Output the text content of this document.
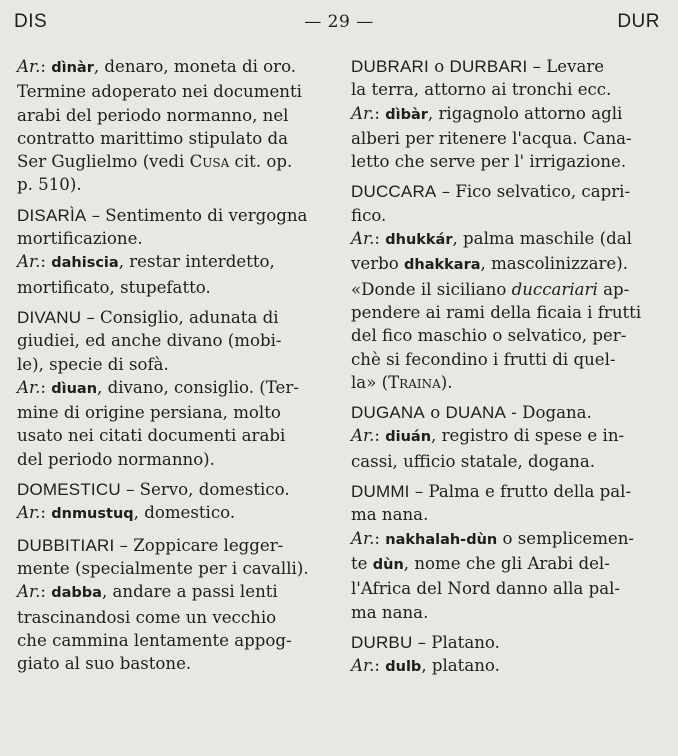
DIS	— 29 —	DUR
Ar.: dìnàr, denaro, moneta di oro.
Termine adoperato nei documenti
arabi del periodo normanno, nel
contratto marittimo stipulato da
Ser Guglielmo (vedi Cusa cit. op.
p. 510).
DISARÌA – Sentimento di vergogna
mortificazione.
Ar.: dahiscia, restar interdetto,
mortificato, stupefatto.
DIVANU – Consiglio, adunata di
giudiei, ed anche divano (mobi-
le), specie di sofà.
Ar.: dìuan, divano, consiglio. (Ter-
mine di origine persiana, molto
usato nei citati documenti arabi
del periodo normanno).
DOMESTICU – Servo, domestico.
Ar.: dnmustuq, domestico.
DUBBITIARI – Zoppicare legger-
mente (specialmente per i cavalli).
Ar.: dabba, andare a passi lenti
trascinandosi come un vecchio
che cammina lentamente appog-
giato al suo bastone.
DUBRARI o DURBARI – Levare
la terra, attorno ai tronchi ecc.
Ar.: dìbàr, rigagnolo attorno agli
alberi per ritenere l'acqua. Cana-
letto che serve per l' irrigazione.
DUCCARA – Fico selvatico, capri-
fico.
Ar.: dhukkár, palma maschile (dal
verbo dhakkara, mascolinizzare).
«Donde il siciliano duccariari ap-
pendere ai rami della ficaia i frutti
del fico maschio o selvatico, per-
chè si fecondino i frutti di quel-
la» (Traina).
DUGANA o DUANA - Dogana.
Ar.: diuán, registro di spese e in-
cassi, ufficio statale, dogana.
DUMMI – Palma e frutto della pal-
ma nana.
Ar.: nakhalah-dùn o semplicemen-
te dùn, nome che gli Arabi del-
l'Africa del Nord danno alla pal-
ma nana.
DURBU – Platano.
Ar.: dulb, platano.
